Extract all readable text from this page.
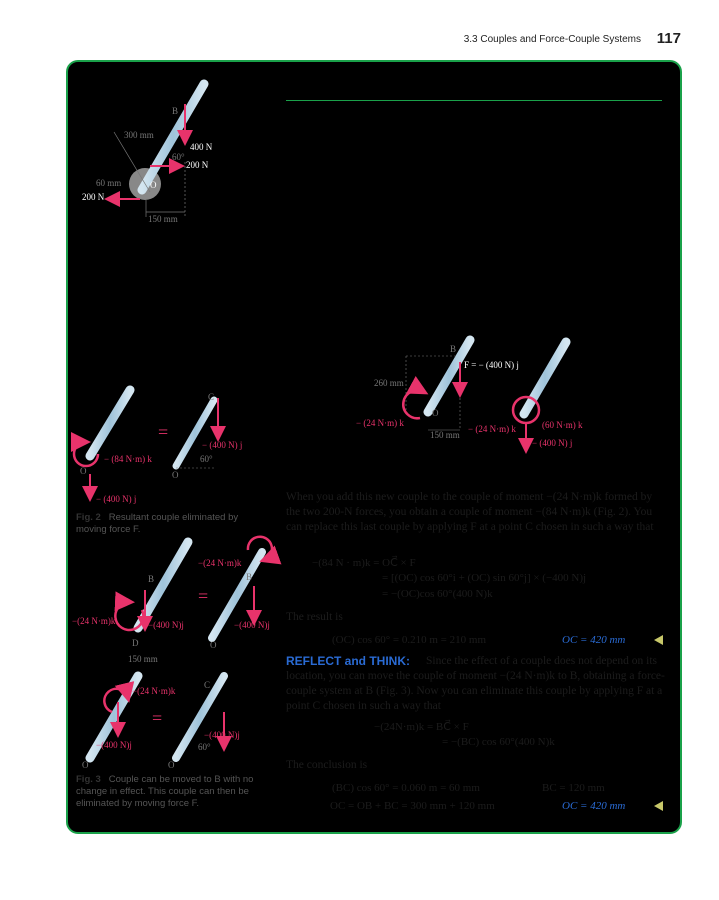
3.3 Couples and Force-Couple Systems 117
300 mm
400 N
200 N
60°
60 mm
200 N
150 mm
B
O
− (84 N·m) k
− (400 N) j
=
− (400 N) j
60°
O	O
C
Fig. 2 Resultant couple eliminated by moving force F.
F = − (400 N) j
260 mm
− (24 N·m) k
150 mm
− (24 N·m) k	(60 N·m) k
− (400 N) j
B
O
−(24 N·m)k
−(24 N·m)k	−(400 N)j
=
−(400 N)j
150 mm
B
D	O
B
−(24 N·m)k
=
−(400 N)j
−(400 N)j
60°
C
O	O
Fig. 3 Couple can be moved to B with no change in effect. This couple can then be eliminated by moving force F.
When you add this new couple to the couple of moment −(24 N·m)k formed by the two 200-N forces, you obtain a couple of moment −(84 N·m)k (Fig. 2). You can replace this last couple by applying F at a point C chosen in such a way that
−(84 N · m)k = OC⃗ × F
= [(OC) cos 60°i + (OC) sin 60°j] × (−400 N)j
= −(OC)cos 60°(400 N)k
The result is
(OC) cos 60° = 0.210 m = 210 mm	OC = 420 mm
REFLECT and THINK:	Since the effect of a couple does not depend on its location, you can move the couple of moment −(24 N·m)k to B, obtaining a force-couple system at B (Fig. 3). Now you can eliminate this couple by applying F at a point C chosen in such a way that
−(24N·m)k = BC⃗ × F
= −(BC) cos 60°(400 N)k
The conclusion is
(BC) cos 60° = 0.060 m = 60 mm	BC = 120 mm
OC = OB + BC = 300 mm + 120 mm	OC = 420 mm
